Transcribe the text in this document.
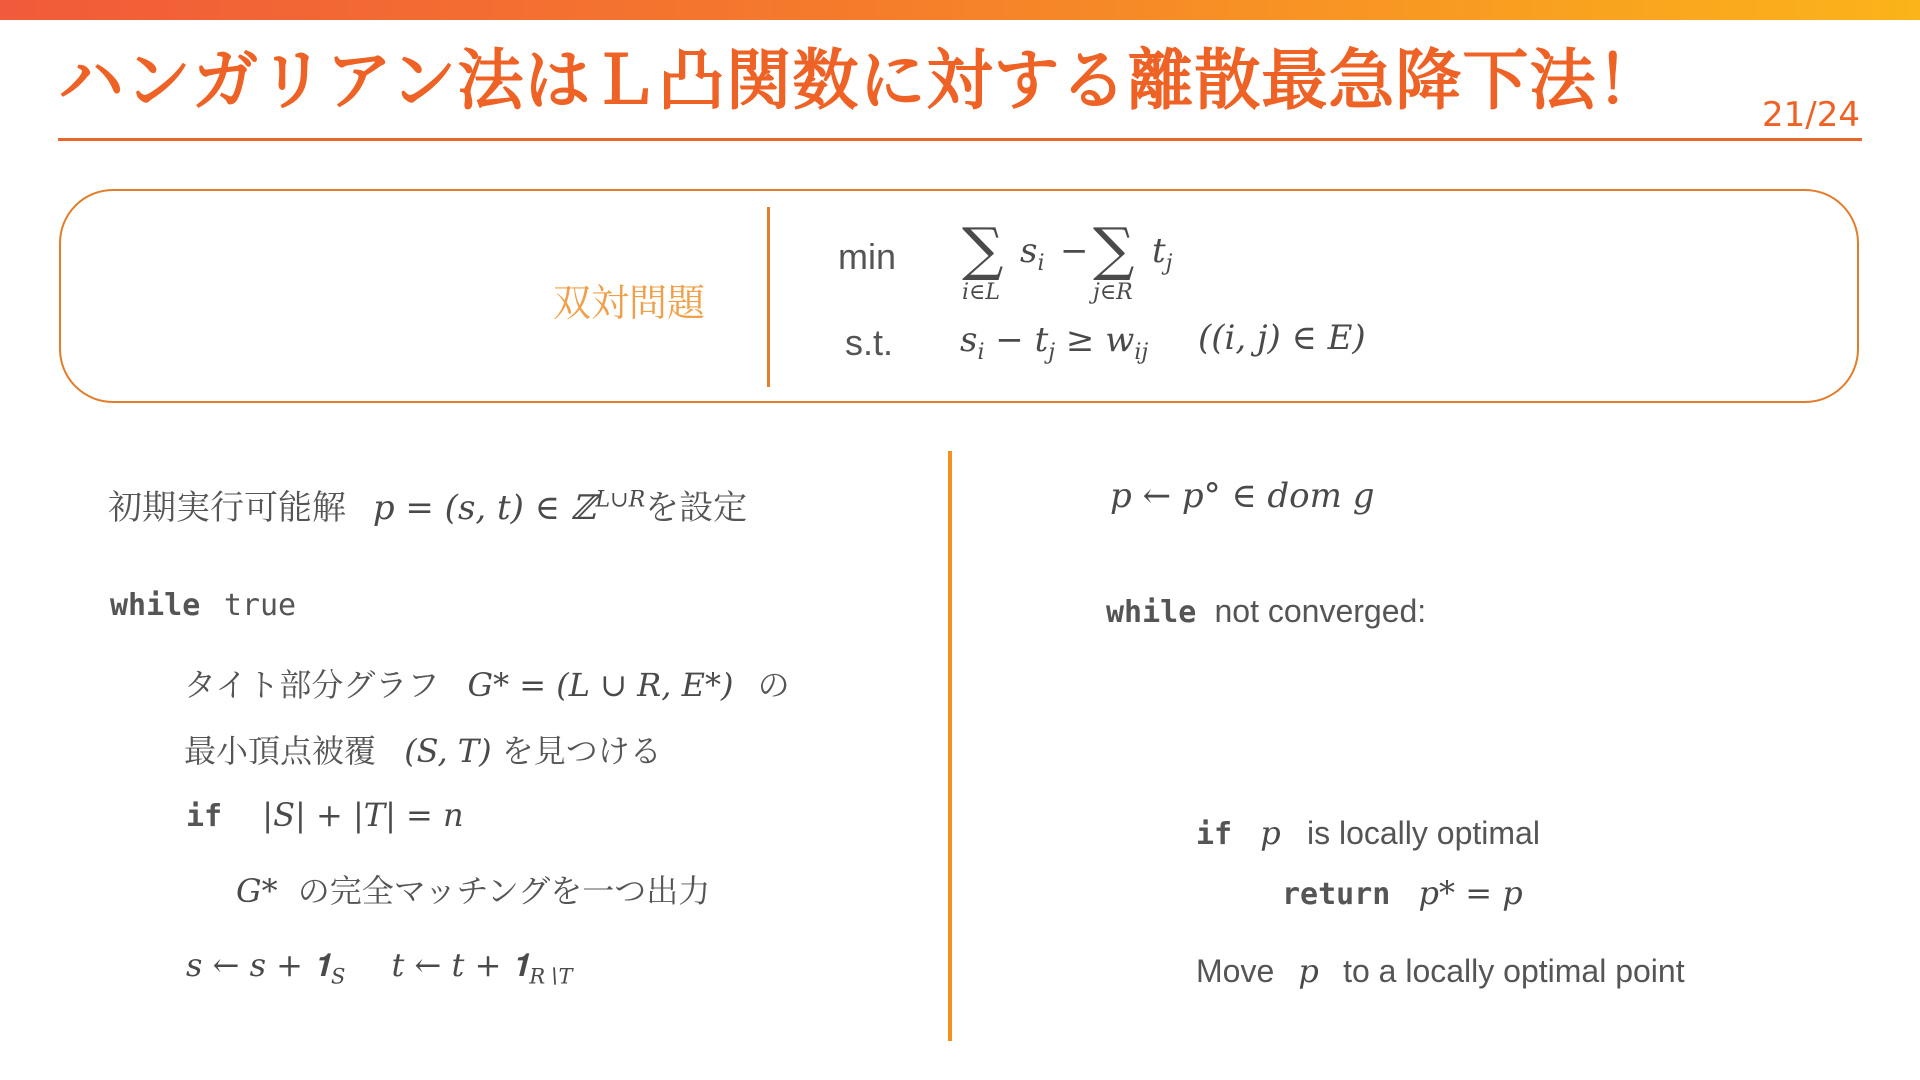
ハンガリアン法はＬ凸関数に対する離散最急降下法！	21/24
双対問題
min
s.t.
∑
i∈L
$s_i$ − ∑
j∈R
$t_j$
$s_i - t_j \ge w_{ij}$ ((i, j) ∈ E)
初期実行可能解 p = (s, t) ∈ ℤ$^{L\cup R}$を設定
while true
タイト部分グラフ G* = (L ∪ R, E*) の
最小頂点被覆 (S, T) を見つける
if |S| + |T| = n
G* の完全マッチングを一つ出力
s ← $s + 𝟏_S$ t ← $t + 𝟏_{R∖T}$
p ← p° ∈ dom g
while not converged:
if p is locally optimal
return p* = p
Move p to a locally optimal point
